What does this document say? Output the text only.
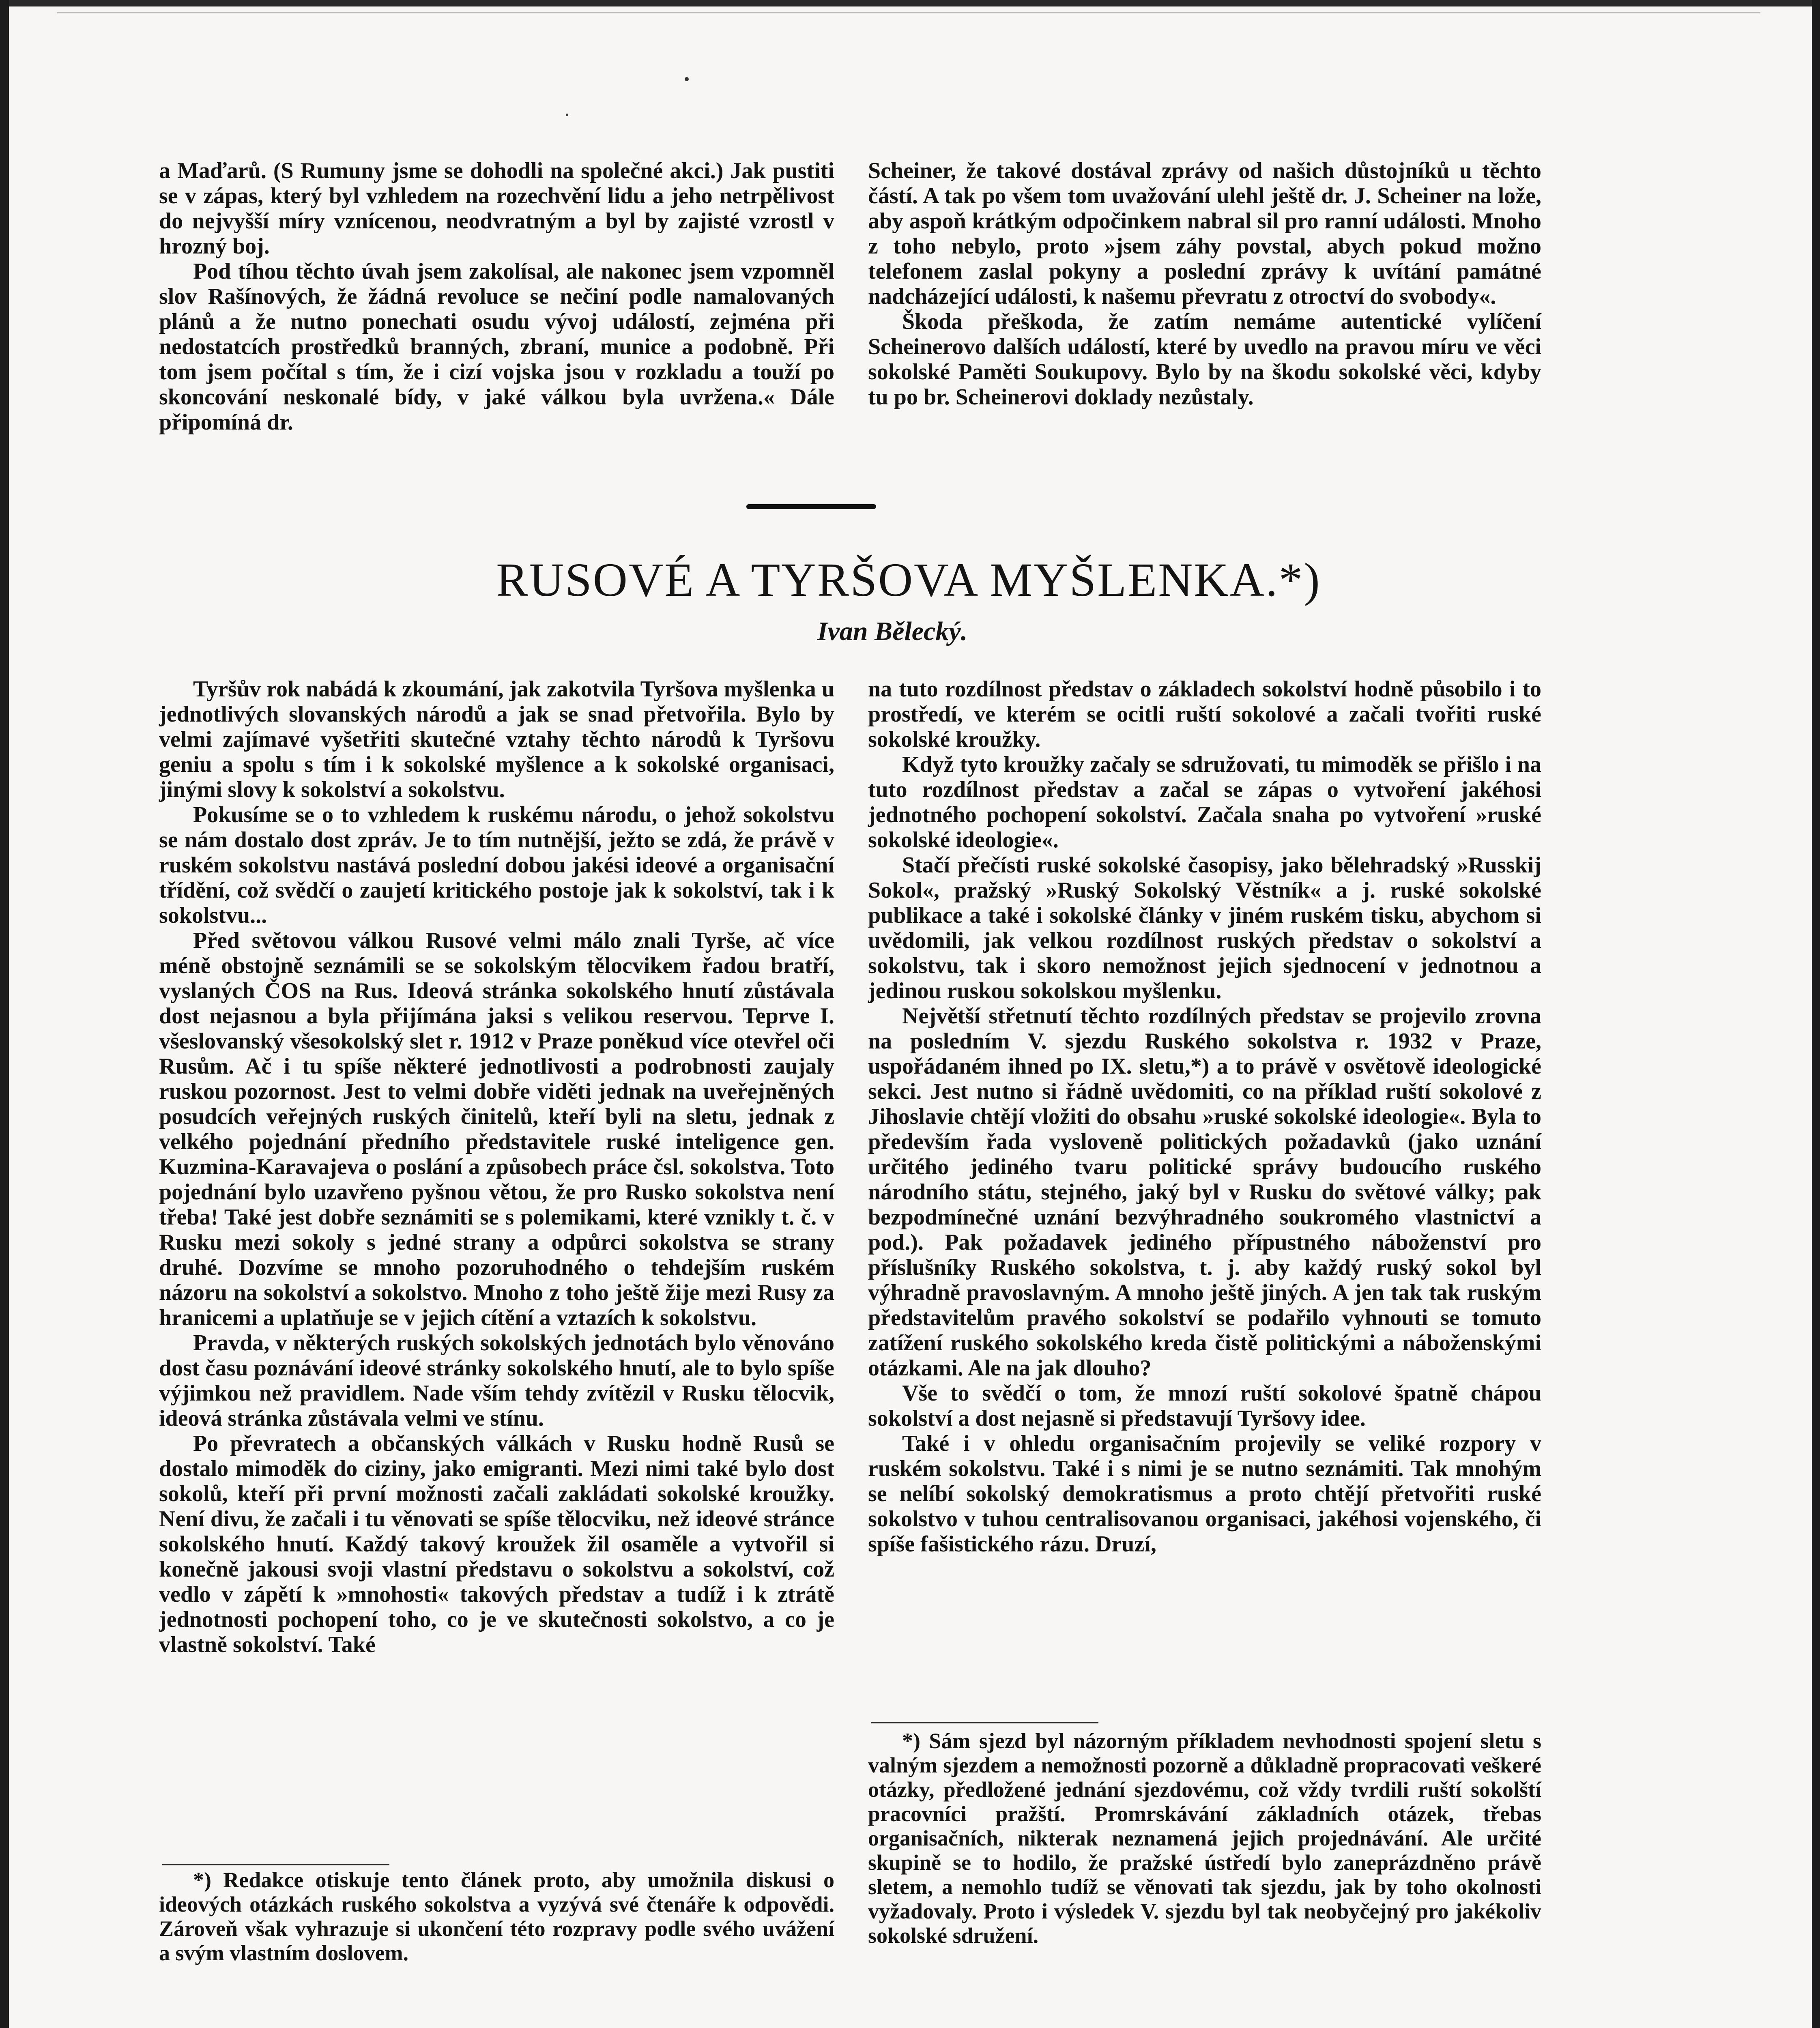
a Maďarů. (S Rumuny jsme se dohodli na společné akci.) Jak pustiti se v zápas, který byl vzhledem na rozechvění lidu a jeho netrpělivost do nejvyšší míry vznícenou, neodvratným a byl by zajisté vzrostl v hrozný boj.

Pod tíhou těchto úvah jsem zakolísal, ale nakonec jsem vzpomněl slov Rašínových, že žádná revoluce se nečiní podle namalovaných plánů a že nutno ponechati osudu vývoj událostí, zejména při nedostatcích prostředků branných, zbraní, munice a podobně. Při tom jsem počítal s tím, že i cizí vojska jsou v rozkladu a touží po skoncování neskonalé bídy, v jaké válkou byla uvržena.« Dále připomíná dr.

Scheiner, že takové dostával zprávy od našich důstojníků u těchto částí. A tak po všem tom uvažování ulehl ještě dr. J. Scheiner na lože, aby aspoň krátkým odpočinkem nabral sil pro ranní události. Mnoho z toho nebylo, proto »jsem záhy povstal, abych pokud možno telefonem zaslal pokyny a poslední zprávy k uvítání památné nadcházející události, k našemu převratu z otroctví do svobody«.

Škoda přeškoda, že zatím nemáme autentické vylíčení Scheinerovo dalších událostí, které by uvedlo na pravou míru ve věci sokolské Paměti Soukupovy. Bylo by na škodu sokolské věci, kdyby tu po br. Scheinerovi doklady nezůstaly.

RUSOVÉ A TYRŠOVA MYŠLENKA.*)
Ivan Bělecký.

Tyršův rok nabádá k zkoumání, jak zakotvila Tyršova myšlenka u jednotlivých slovanských národů a jak se snad přetvořila. Bylo by velmi zajímavé vyšetřiti skutečné vztahy těchto národů k Tyršovu geniu a spolu s tím i k sokolské myšlence a k sokolské organisaci, jinými slovy k sokolství a sokolstvu.

Pokusíme se o to vzhledem k ruskému národu, o jehož sokolstvu se nám dostalo dost zpráv. Je to tím nutnější, ježto se zdá, že právě v ruském sokolstvu nastává poslední dobou jakési ideové a organisační třídění, což svědčí o zaujetí kritického postoje jak k sokolství, tak i k sokolstvu...

Před světovou válkou Rusové velmi málo znali Tyrše, ač více méně obstojně seznámili se se sokolským tělocvikem řadou bratří, vyslaných ČOS na Rus. Ideová stránka sokolského hnutí zůstávala dost nejasnou a byla přijímána jaksi s velikou reservou. Teprve I. všeslovanský všesokolský slet r. 1912 v Praze poněkud více otevřel oči Rusům. Ač i tu spíše některé jednotlivosti a podrobnosti zaujaly ruskou pozornost. Jest to velmi dobře viděti jednak na uveřejněných posudcích veřejných ruských činitelů, kteří byli na sletu, jednak z velkého pojednání předního představitele ruské inteligence gen. Kuzmina-Karavajeva o poslání a způsobech práce čsl. sokolstva. Toto pojednání bylo uzavřeno pyšnou větou, že pro Rusko sokolstva není třeba! Také jest dobře seznámiti se s polemikami, které vznikly t. č. v Rusku mezi sokoly s jedné strany a odpůrci sokolstva se strany druhé. Dozvíme se mnoho pozoruhodného o tehdejším ruském názoru na sokolství a sokolstvo. Mnoho z toho ještě žije mezi Rusy za hranicemi a uplatňuje se v jejich cítění a vztazích k sokolstvu.

Pravda, v některých ruských sokolských jednotách bylo věnováno dost času poznávání ideové stránky sokolského hnutí, ale to bylo spíše výjimkou než pravidlem. Nade vším tehdy zvítězil v Rusku tělocvik, ideová stránka zůstávala velmi ve stínu.

Po převratech a občanských válkách v Rusku hodně Rusů se dostalo mimoděk do ciziny, jako emigranti. Mezi nimi také bylo dost sokolů, kteří při první možnosti začali zakládati sokolské kroužky. Není divu, že začali i tu věnovati se spíše tělocviku, než ideové stránce sokolského hnutí. Každý takový kroužek žil osaměle a vytvořil si konečně jakousi svoji vlastní představu o sokolstvu a sokolství, což vedlo v zápětí k »mnohosti« takových představ a tudíž i k ztrátě jednotnosti pochopení toho, co je ve skutečnosti sokolstvo, a co je vlastně sokolství. Také

*) Redakce otiskuje tento článek proto, aby umožnila diskusi o ideových otázkách ruského sokolstva a vyzývá své čtenáře k odpovědi. Zároveň však vyhrazuje si ukončení této rozpravy podle svého uvážení a svým vlastním doslovem.

na tuto rozdílnost představ o základech sokolství hodně působilo i to prostředí, ve kterém se ocitli ruští sokolové a začali tvořiti ruské sokolské kroužky.

Když tyto kroužky začaly se sdružovati, tu mimoděk se přišlo i na tuto rozdílnost představ a začal se zápas o vytvoření jakéhosi jednotného pochopení sokolství. Začala snaha po vytvoření »ruské sokolské ideologie«.

Stačí přečísti ruské sokolské časopisy, jako bělehradský »Russkij Sokol«, pražský »Ruský Sokolský Věstník« a j. ruské sokolské publikace a také i sokolské články v jiném ruském tisku, abychom si uvědomili, jak velkou rozdílnost ruských představ o sokolství a sokolstvu, tak i skoro nemožnost jejich sjednocení v jednotnou a jedinou ruskou sokolskou myšlenku.

Největší střetnutí těchto rozdílných představ se projevilo zrovna na posledním V. sjezdu Ruského sokolstva r. 1932 v Praze, uspořádaném ihned po IX. sletu,*) a to právě v osvětově ideologické sekci. Jest nutno si řádně uvědomiti, co na příklad ruští sokolové z Jihoslavie chtějí vložiti do obsahu »ruské sokolské ideologie«. Byla to především řada vysloveně politických požadavků (jako uznání určitého jediného tvaru politické správy budoucího ruského národního státu, stejného, jaký byl v Rusku do světové války; pak bezpodmínečné uznání bezvýhradného soukromého vlastnictví a pod.). Pak požadavek jediného přípustného náboženství pro příslušníky Ruského sokolstva, t. j. aby každý ruský sokol byl výhradně pravoslavným. A mnoho ještě jiných. A jen tak tak ruským představitelům pravého sokolství se podařilo vyhnouti se tomuto zatížení ruského sokolského kreda čistě politickými a náboženskými otázkami. Ale na jak dlouho?

Vše to svědčí o tom, že mnozí ruští sokolové špatně chápou sokolství a dost nejasně si představují Tyršovy idee.

Také i v ohledu organisačním projevily se veliké rozpory v ruském sokolstvu. Také i s nimi je se nutno seznámiti. Tak mnohým se nelíbí sokolský demokratismus a proto chtějí přetvořiti ruské sokolstvo v tuhou centralisovanou organisaci, jakéhosi vojenského, či spíše fašistického rázu. Druzí,

*) Sám sjezd byl názorným příkladem nevhodnosti spojení sletu s valným sjezdem a nemožnosti pozorně a důkladně propracovati veškeré otázky, předložené jednání sjezdovému, což vždy tvrdili ruští sokolští pracovníci pražští. Promrskávání základních otázek, třebas organisačních, nikterak neznamená jejich projednávání. Ale určité skupině se to hodilo, že pražské ústředí bylo zaneprázdněno právě sletem, a nemohlo tudíž se věnovati tak sjezdu, jak by toho okolnosti vyžadovaly. Proto i výsledek V. sjezdu byl tak neobyčejný pro jakékoliv sokolské sdružení.
